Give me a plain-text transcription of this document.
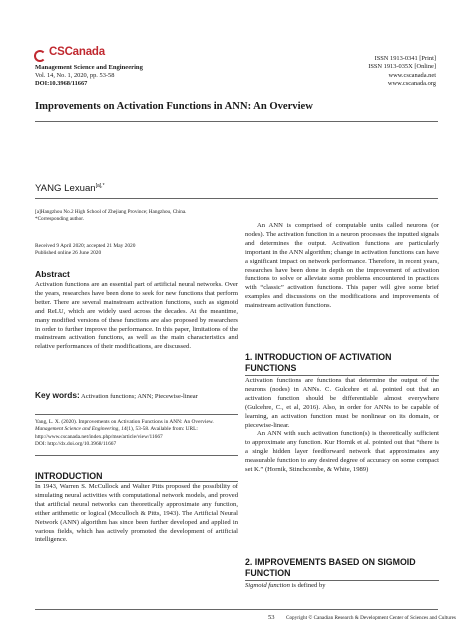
CSCanada
Management Science and Engineering
Vol. 14, No. 1, 2020, pp. 53-58
DOI:10.3968/11667
ISSN 1913-0341 [Print]
ISSN 1913-035X [Online]
www.cscanada.net
www.cscanada.org
Improvements on Activation Functions in ANN: An Overview
YANG Lexuan$^{[a],*}$
[a]Hangzhou No.2 High School of Zhejiang Province; Hangzhou, China.
*Corresponding author.
Received 9 April 2020; accepted 21 May 2020
Published online 26 June 2020
Abstract
Activation functions are an essential part of artificial neural networks. Over the years, researches have been done to seek for new functions that perform better. There are several mainstream activation functions, such as sigmoid and ReLU, which are widely used across the decades. At the meantime, many modified versions of these functions are also proposed by researchers in order to further improve the performance. In this paper, limitations of the mainstream activation functions, as well as the main characteristics and relative performances of their modifications, are discussed.
Key words: Activation functions; ANN; Piecewise-linear
Yang, L. X. (2020). Improvements on Activation Functions in ANN: An Overview. Management Science and Engineering, 14(1), 53-58. Available from: URL: http://www.cscanada.net/index.php/mse/article/view/11667
DOI: http://dx.doi.org/10.3968/11667
INTRODUCTION
In 1943, Warren S. McCullock and Walter Pitts proposed the possibility of simulating neural activities with computational network models, and proved that artificial neural networks can theoretically approximate any function, either arithmetic or logical (Mcculloch & Pitts, 1943). The Artificial Neural Network (ANN) algorithm has since been further developed and applied in various fields, which has actively promoted the development of artificial intelligence.
An ANN is comprised of computable units called neurons (or nodes). The activation function in a neuron processes the inputted signals and determines the output. Activation functions are particularly important in the ANN algorithm; change in activation functions can have a significant impact on network performance. Therefore, in recent years, researches have been done in depth on the improvement of activation functions to solve or alleviate some problems encountered in practices with “classic” activation functions. This paper will give some brief examples and discussions on the modifications and improvements of mainstream activation functions.
1. INTRODUCTION OF ACTIVATION FUNCTIONS

Activation functions are functions that determine the output of the neurons (nodes) in ANNs. C. Gulcehre et al. pointed out that an activation function should be differentiable almost everywhere (Gulcehre, C., et al, 2016). Also, in order for ANNs to be capable of learning, an activation function must be nonlinear on its domain, or piecewise-linear.

An ANN with such activation function(s) is theoretically sufficient to approximate any function. Kur Hornik et al. pointed out that “there is a single hidden layer feedforward network that approximates any measurable function to any desired degree of accuracy on some compact set K.” (Hornik, Stinchcombe, & White, 1989)

2. IMPROVEMENTS BASED ON SIGMOID FUNCTION
Sigmoid function is defined by
53 Copyright © Canadian Research & Development Center of Sciences and Cultures
